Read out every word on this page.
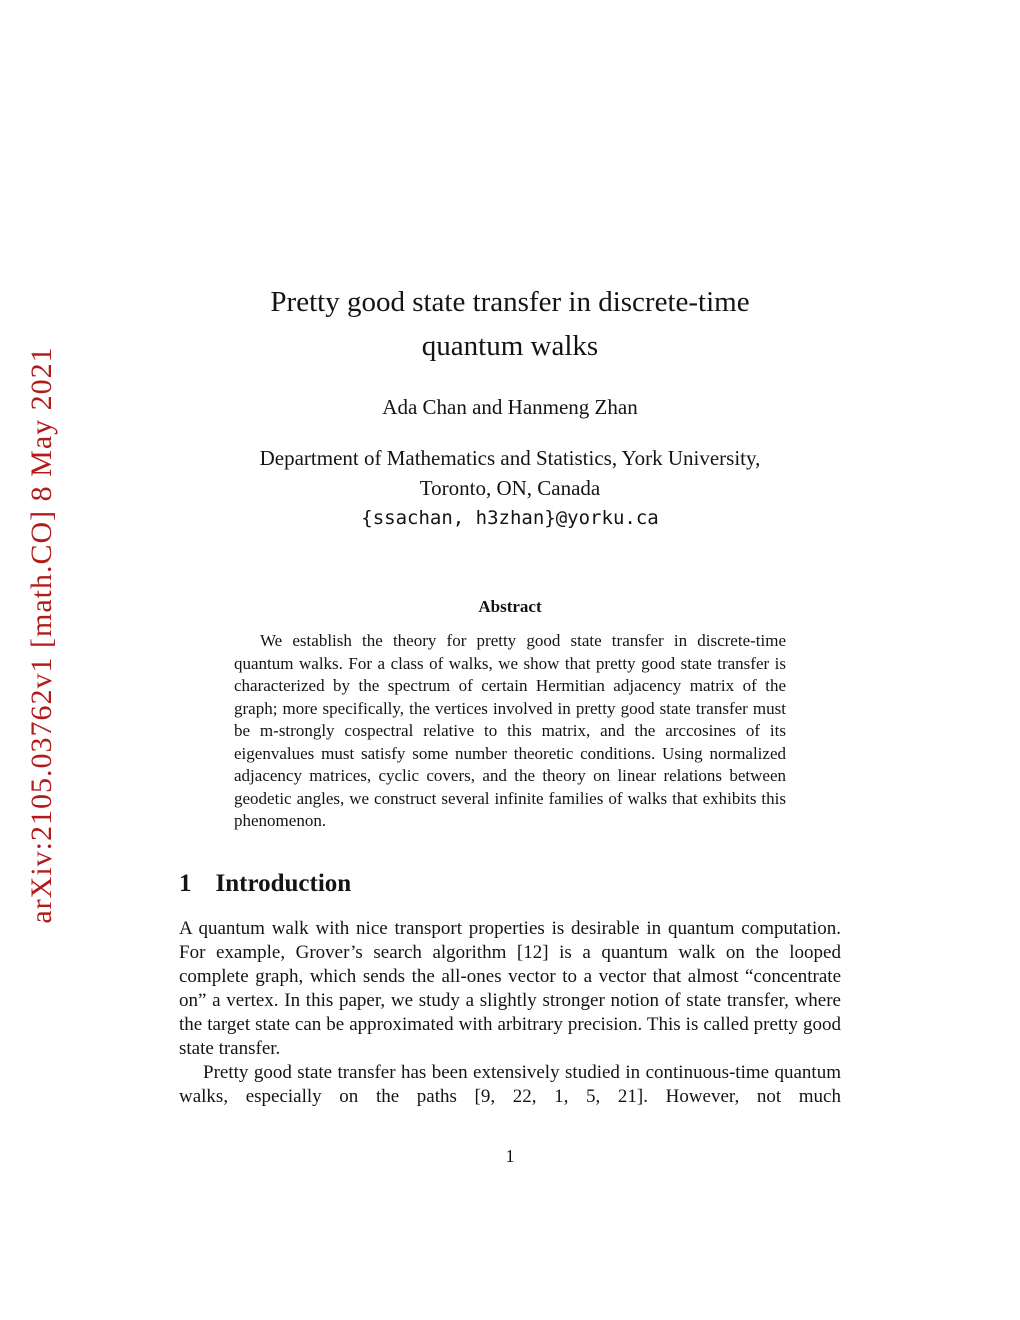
arXiv:2105.03762v1 [math.CO] 8 May 2021
Pretty good state transfer in discrete-time
quantum walks
Ada Chan and Hanmeng Zhan
Department of Mathematics and Statistics, York University,
Toronto, ON, Canada
{ssachan, h3zhan}@yorku.ca
Abstract
We establish the theory for pretty good state transfer in discrete-time quantum walks. For a class of walks, we show that pretty good state transfer is characterized by the spectrum of certain Hermitian adjacency matrix of the graph; more specifically, the vertices involved in pretty good state transfer must be m-strongly cospectral relative to this matrix, and the arccosines of its eigenvalues must satisfy some number theoretic conditions. Using normalized adjacency matrices, cyclic covers, and the theory on linear relations between geodetic angles, we construct several infinite families of walks that exhibits this phenomenon.
1 Introduction
A quantum walk with nice transport properties is desirable in quantum computation. For example, Grover’s search algorithm [12] is a quantum walk on the looped complete graph, which sends the all-ones vector to a vector that almost “concentrate on” a vertex. In this paper, we study a slightly stronger notion of state transfer, where the target state can be approximated with arbitrary precision. This is called pretty good state transfer.
Pretty good state transfer has been extensively studied in continuous-time quantum walks, especially on the paths [9, 22, 1, 5, 21]. However, not much
1
